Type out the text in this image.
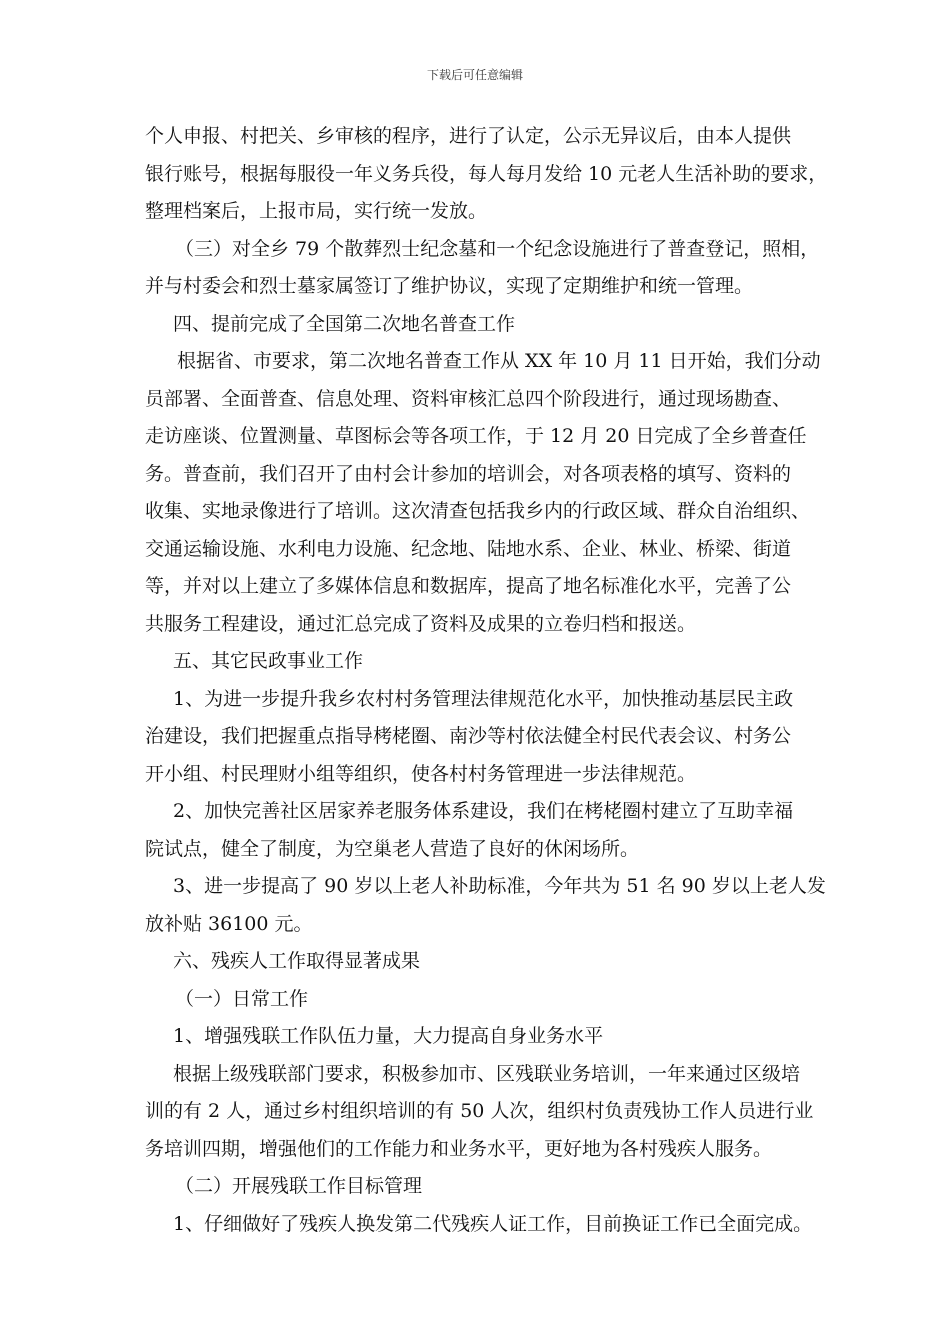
下载后可任意编辑

个人申报、村把关、乡审核的程序，进行了认定，公示无异议后，由本人提供

银行账号，根据每服役一年义务兵役，每人每月发给 10 元老人生活补助的要求，

整理档案后，上报市局，实行统一发放。

（三）对全乡 79 个散葬烈士纪念墓和一个纪念设施进行了普查登记，照相，

并与村委会和烈士墓家属签订了维护协议，实现了定期维护和统一管理。

四、提前完成了全国第二次地名普查工作

根据省、市要求，第二次地名普查工作从 XX 年 10 月 11 日开始，我们分动

员部署、全面普查、信息处理、资料审核汇总四个阶段进行，通过现场勘查、

走访座谈、位置测量、草图标会等各项工作，于 12 月 20 日完成了全乡普查任

务。普查前，我们召开了由村会计参加的培训会，对各项表格的填写、资料的

收集、实地录像进行了培训。这次清查包括我乡内的行政区域、群众自治组织、

交通运输设施、水利电力设施、纪念地、陆地水系、企业、林业、桥梁、街道

等，并对以上建立了多媒体信息和数据库，提高了地名标准化水平，完善了公

共服务工程建设，通过汇总完成了资料及成果的立卷归档和报送。

五、其它民政事业工作

1、为进一步提升我乡农村村务管理法律规范化水平，加快推动基层民主政

治建设，我们把握重点指导栲栳圈、南沙等村依法健全村民代表会议、村务公

开小组、村民理财小组等组织，使各村村务管理进一步法律规范。

2、加快完善社区居家养老服务体系建设，我们在栲栳圈村建立了互助幸福

院试点，健全了制度，为空巢老人营造了良好的休闲场所。

3、进一步提高了 90 岁以上老人补助标准，今年共为 51 名 90 岁以上老人发

放补贴 36100 元。

六、残疾人工作取得显著成果

（一）日常工作

1、增强残联工作队伍力量，大力提高自身业务水平

根据上级残联部门要求，积极参加市、区残联业务培训，一年来通过区级培

训的有 2 人，通过乡村组织培训的有 50 人次，组织村负责残协工作人员进行业

务培训四期，增强他们的工作能力和业务水平，更好地为各村残疾人服务。

（二）开展残联工作目标管理

1、仔细做好了残疾人换发第二代残疾人证工作，目前换证工作已全面完成。
